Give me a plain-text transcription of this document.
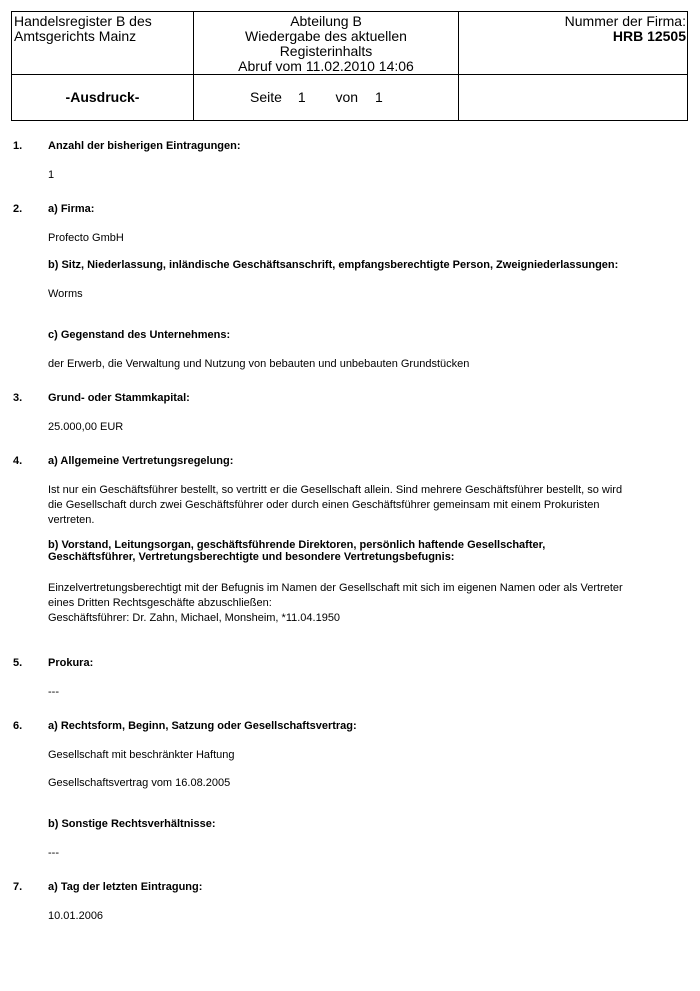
Handelsregister B des
Amtsgerichts Mainz
Abteilung B
Wiedergabe des aktuellen
Registerinhalts
Abruf vom 11.02.2010 14:06
Nummer der Firma:
HRB 12505
-Ausdruck-	Seite 1 von 1
1. Anzahl der bisherigen Eintragungen:
1
2. a) Firma:
Profecto GmbH
b) Sitz, Niederlassung, inländische Geschäftsanschrift, empfangsberechtigte Person, Zweigniederlassungen:
Worms
c) Gegenstand des Unternehmens:
der Erwerb, die Verwaltung und Nutzung von bebauten und unbebauten Grundstücken
3. Grund- oder Stammkapital:
25.000,00 EUR
4. a) Allgemeine Vertretungsregelung:
Ist nur ein Geschäftsführer bestellt, so vertritt er die Gesellschaft allein. Sind mehrere Geschäftsführer bestellt, so wird
die Gesellschaft durch zwei Geschäftsführer oder durch einen Geschäftsführer gemeinsam mit einem Prokuristen
vertreten.
b) Vorstand, Leitungsorgan, geschäftsführende Direktoren, persönlich haftende Gesellschafter,
Geschäftsführer, Vertretungsberechtigte und besondere Vertretungsbefugnis:
Einzelvertretungsberechtigt mit der Befugnis im Namen der Gesellschaft mit sich im eigenen Namen oder als Vertreter
eines Dritten Rechtsgeschäfte abzuschließen:
Geschäftsführer: Dr. Zahn, Michael, Monsheim, *11.04.1950
5. Prokura:
---
6. a) Rechtsform, Beginn, Satzung oder Gesellschaftsvertrag:
Gesellschaft mit beschränkter Haftung
Gesellschaftsvertrag vom 16.08.2005
b) Sonstige Rechtsverhältnisse:
---
7. a) Tag der letzten Eintragung:
10.01.2006
